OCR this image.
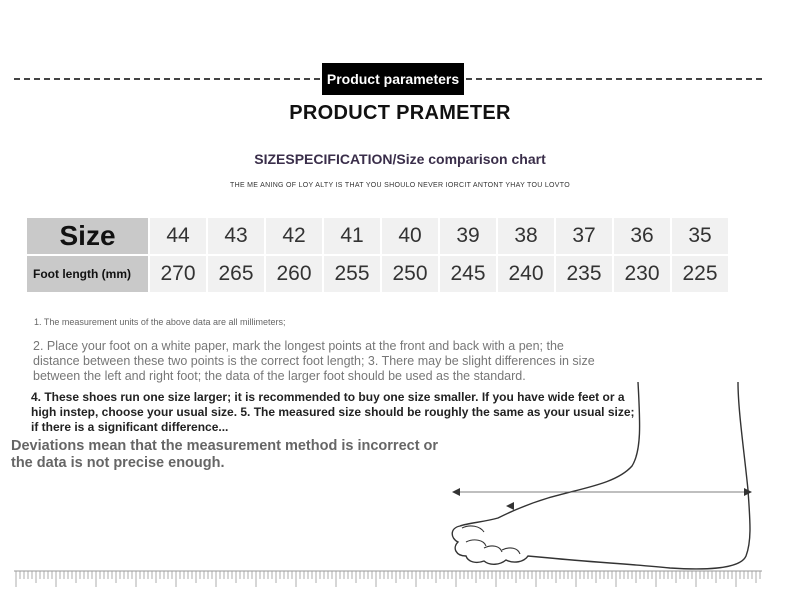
Product parameters
PRODUCT PRAMETER
SIZESPECIFICATION/Size comparison chart
THE ME ANING OF LOY ALTY IS THAT YOU SHOULO NEVER IORCIT ANTONT YHAY TOU LOVTO
Size	44	43	42	41	40	39	38	37	36	35
Foot length (mm)	270	265	260	255	250	245	240	235	230	225
1. The measurement units of the above data are all millimeters;
2. Place your foot on a white paper, mark the longest points at the front and back with a pen; the distance between these two points is the correct foot length; 3. There may be slight differences in size between the left and right foot; the data of the larger foot should be used as the standard.
4. These shoes run one size larger; it is recommended to buy one size smaller. If you have wide feet or a high instep, choose your usual size. 5. The measured size should be roughly the same as your usual size; if there is a significant difference...
Deviations mean that the measurement method is incorrect or the data is not precise enough.
